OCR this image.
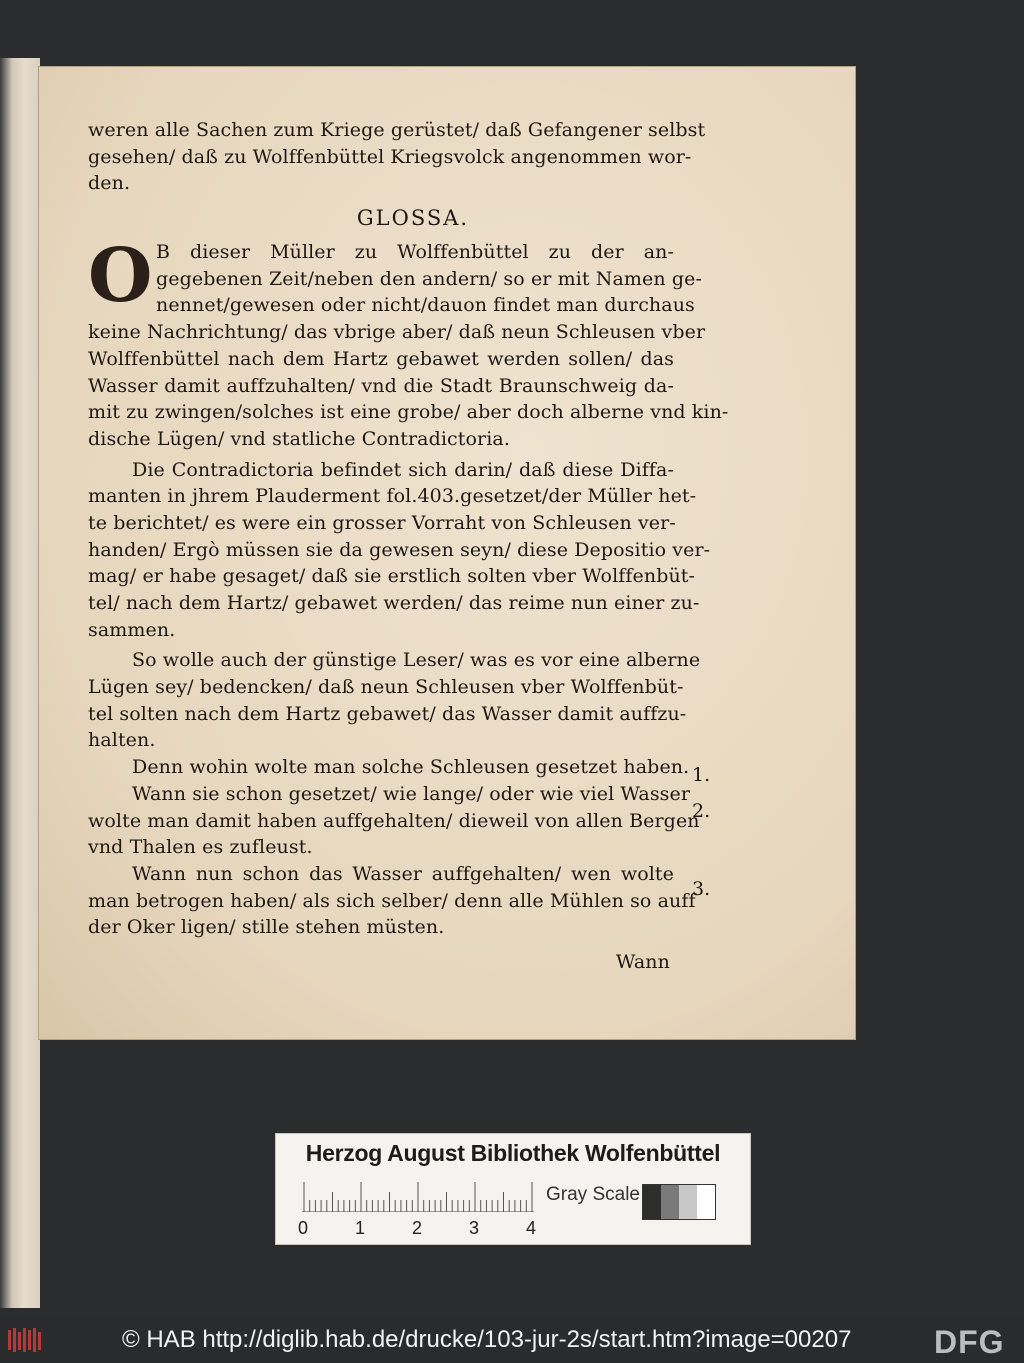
weren alle Sachen zum Kriege gerüstet/ daß Gefangener selbst
gesehen/ daß zu Wolffenbüttel Kriegsvolck angenommen wor-
den.
GLOSSA.
O B dieser Müller zu Wolffenbüttel zu der an-
gegebenen Zeit/neben den andern/ so er mit Namen ge-
nennet/gewesen oder nicht/dauon findet man durchaus
keine Nachrichtung/ das vbrige aber/ daß neun Schleusen vber
Wolffenbüttel nach dem Hartz gebawet werden sollen/ das
Wasser damit auffzuhalten/ vnd die Stadt Braunschweig da-
mit zu zwingen/solches ist eine grobe/ aber doch alberne vnd kin-
dische Lügen/ vnd statliche Contradictoria.
Die Contradictoria befindet sich darin/ daß diese Diffa-
manten in jhrem Plauderment fol.403.gesetzet/der Müller het-
te berichtet/ es were ein grosser Vorraht von Schleusen ver-
handen/ Ergò müssen sie da gewesen seyn/ diese Depositio ver-
mag/ er habe gesaget/ daß sie erstlich solten vber Wolffenbüt-
tel/ nach dem Hartz/ gebawet werden/ das reime nun einer zu-
sammen.
So wolle auch der günstige Leser/ was es vor eine alberne
Lügen sey/ bedencken/ daß neun Schleusen vber Wolffenbüt-
tel solten nach dem Hartz gebawet/ das Wasser damit auffzu-
halten.
Denn wohin wolte man solche Schleusen gesetzet haben.
Wann sie schon gesetzet/ wie lange/ oder wie viel Wasser
wolte man damit haben auffgehalten/ dieweil von allen Bergen
vnd Thalen es zufleust.
Wann nun schon das Wasser auffgehalten/ wen wolte
man betrogen haben/ als sich selber/ denn alle Mühlen so auff
der Oker ligen/ stille stehen müsten.
Wann
1.
2.
3.
Herzog August Bibliothek Wolfenbüttel
0	1	2	3	4
Gray Scale
© HAB http://diglib.hab.de/drucke/103-jur-2s/start.htm?image=00207	DFG
